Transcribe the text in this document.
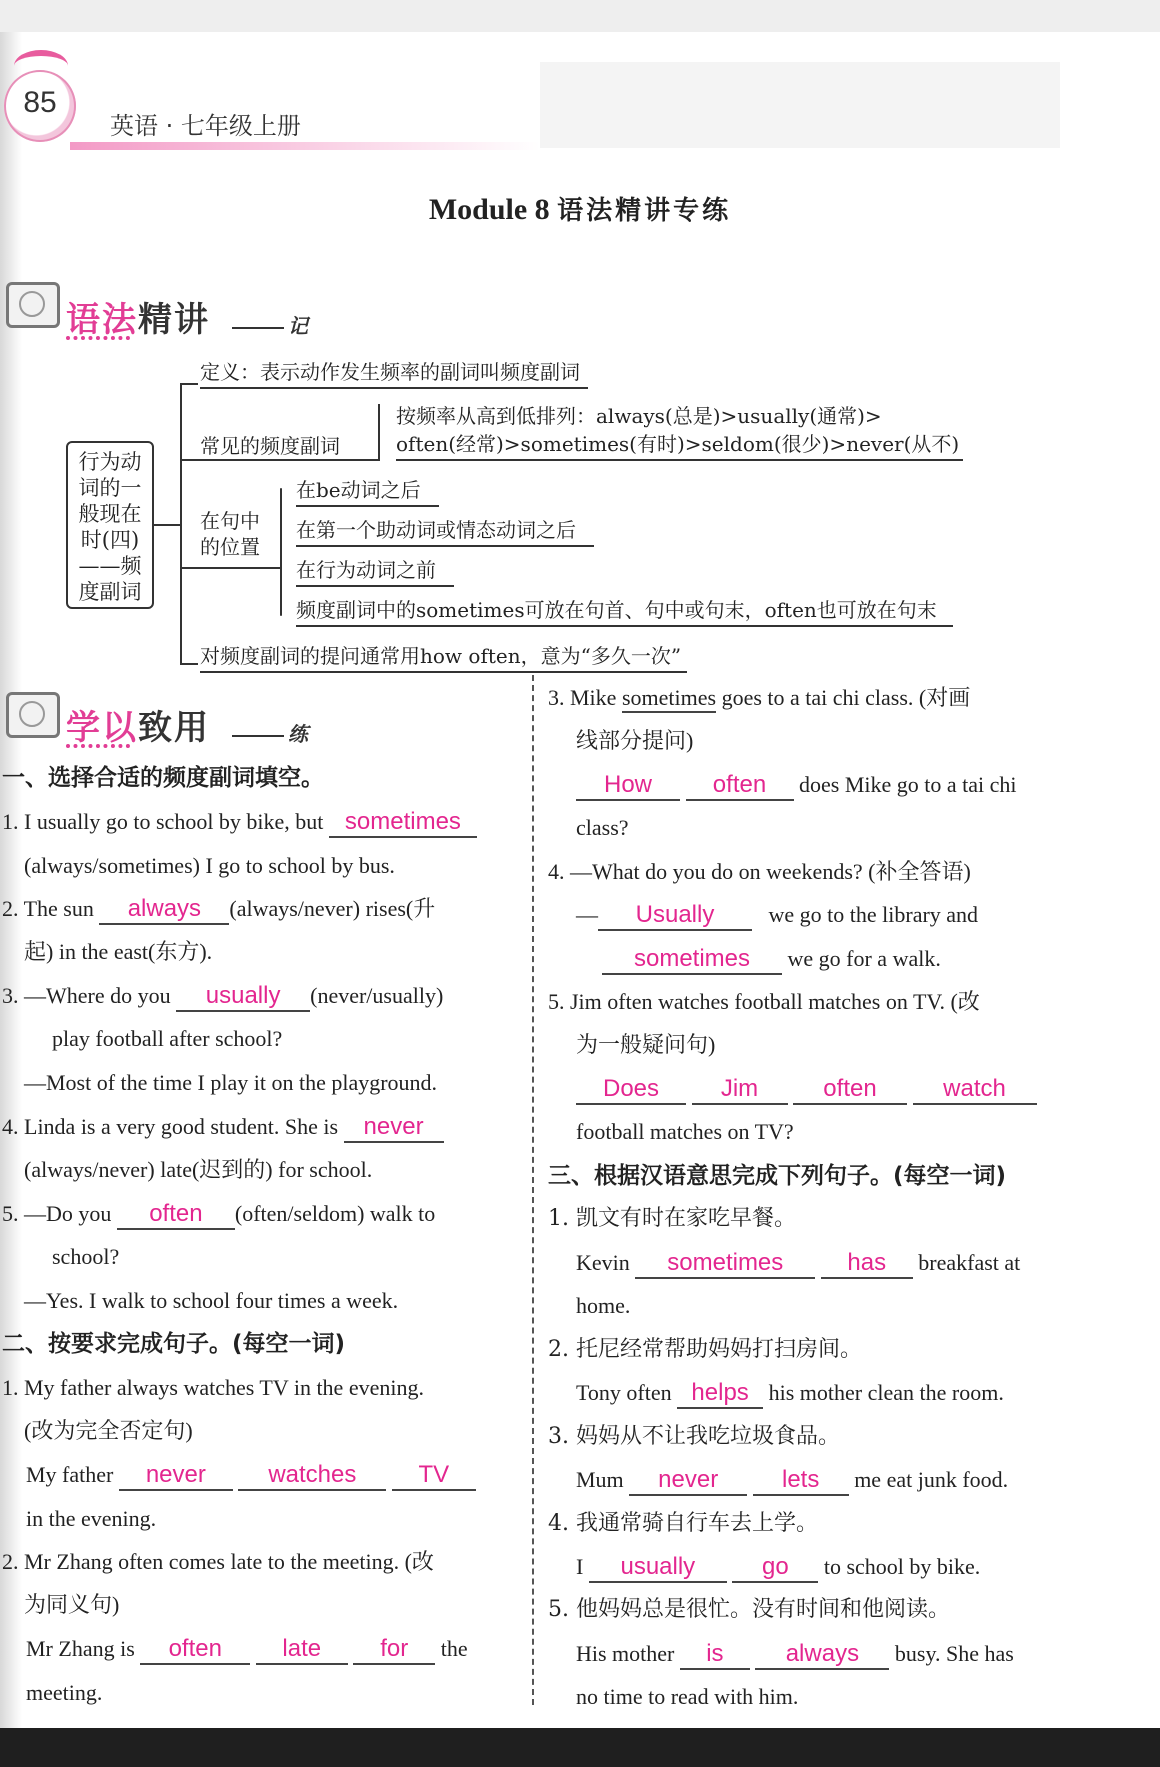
85
英语 · 七年级上册
Module 8 语法精讲专练
语法精讲	记
行为动
词的一
般现在
时(四)
——频
度副词
定义：表示动作发生频率的副词叫频度副词
常见的频度副词
按频率从高到低排列：always(总是)>usually(通常)>
often(经常)>sometimes(有时)>seldom(很少)>never(从不)
在句中
的位置
在be动词之后
在第一个助动词或情态动词之后
在行为动词之前
频度副词中的sometimes可放在句首、句中或句末，often也可放在句末
对频度副词的提问通常用how often，意为“多久一次”
学以致用	练
一、选择合适的频度副词填空。
1. I usually go to school by bike, but sometimes
(always/sometimes) I go to school by bus.
2. The sun always (always/never) rises(升
起) in the east(东方).
3. —Where do you usually (never/usually)
play football after school?
—Most of the time I play it on the playground.
4. Linda is a very good student. She is never
(always/never) late(迟到的) for school.
5. —Do you often (often/seldom) walk to
school?
—Yes. I walk to school four times a week.
二、按要求完成句子。(每空一词)
1. My father always watches TV in the evening.
(改为完全否定句)
My father never	watches	TV
in the evening.
2. Mr Zhang often comes late to the meeting. (改
为同义句)
Mr Zhang is often	late for the
meeting.
3. Mike sometimes goes to a tai chi class. (对画
线部分提问)
How	often does Mike go to a tai chi
class?
4. —What do you do on weekends? (补全答语)
— Usually we go to the library and
sometimes we go for a walk.
5. Jim often watches football matches on TV. (改
为一般疑问句)
Does	Jim	often	watch
football matches on TV?
三、根据汉语意思完成下列句子。(每空一词)
1. 凯文有时在家吃早餐。
Kevin sometimes	has breakfast at
home.
2. 托尼经常帮助妈妈打扫房间。
Tony often helps his mother clean the room.
3. 妈妈从不让我吃垃圾食品。
Mum never	lets me eat junk food.
4. 我通常骑自行车去上学。
I usually	go to school by bike.
5. 他妈妈总是很忙。没有时间和他阅读。
His mother is	always busy. She has
no time to read with him.
